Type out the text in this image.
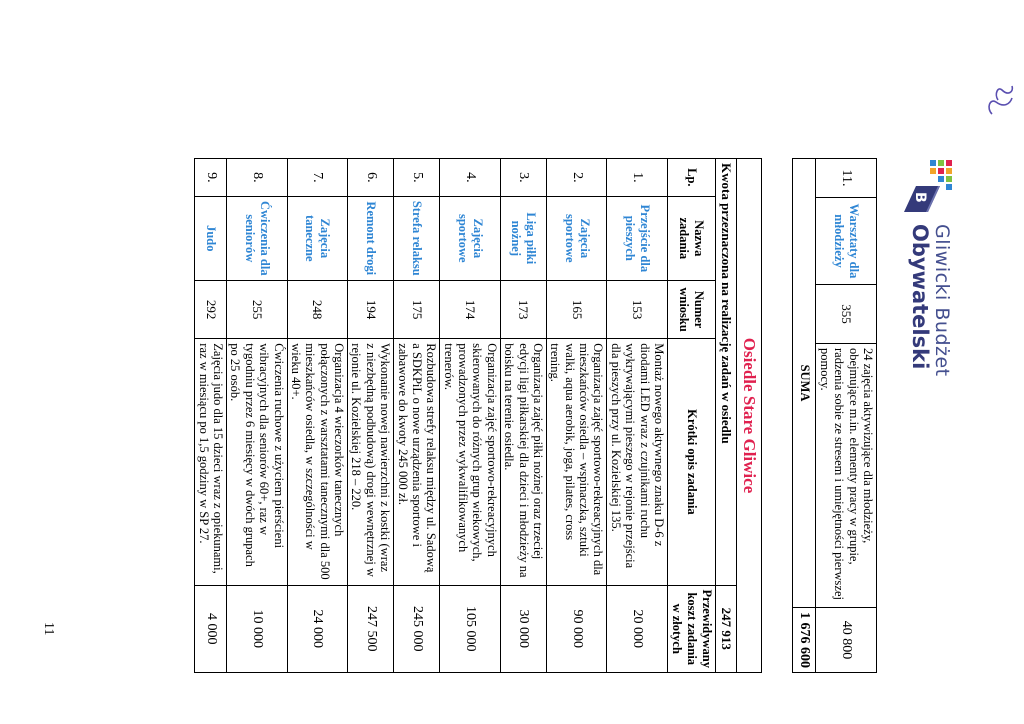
B
Gliwicki Budżet
Obywatelski
11.	Warsztaty dla młodzieży	355	24 zajęcia aktywizujące dla młodzieży, obejmujące m.in. elementy pracy w grupie, radzenia sobie ze stresem i umiejętności pierwszej pomocy.	40 800
SUMA				1 676 600
Osiedle Stare Gliwice				
Kwota przeznaczona na realizację zadań w osiedlu				247 913
Lp.	Nazwa zadania	Numer wniosku	Krótki opis zadania	Przewidywany koszt zadania w złotych
1.	Przejście dla pieszych	153	Montaż nowego aktywnego znaku D-6 z diodami LED wraz z czujnikami ruchu wykrywającymi pieszego w rejonie przejścia dla pieszych przy ul. Kozielskiej 135.	20 000
2.	Zajęcia sportowe	165	Organizacja zajęć sportowo-rekreacyjnych dla mieszkańców osiedla – wspinaczka, sztuki walki, aqua aerobik, joga, pilates, cross trening.	90 000
3.	Liga piłki nożnej	173	Organizacja zajęć piłki nożnej oraz trzeciej edycji ligi piłkarskiej dla dzieci i młodzieży na boisku na terenie osiedla.	30 000
4.	Zajęcia sportowe	174	Organizacja zajęć sportowo-rekreacyjnych skierowanych do różnych grup wiekowych, prowadzonych przez wykwalifikowanych trenerów.	105 000
5.	Strefa relaksu	175	Rozbudowa strefy relaksu między ul. Sadową a SDKPiL o nowe urządzenia sportowe i zabawowe do kwoty 245 000 zł.	245 000
6.	Remont drogi	194	Wykonanie nowej nawierzchni z kostki (wraz z niezbędną podbudową) drogi wewnętrznej w rejonie ul. Kozielskiej 218 – 220.	247 500
7.	Zajęcia taneczne	248	Organizacja 4 wieczorków tanecznych połączonych z warsztatami tanecznymi dla 500 mieszkańców osiedla, w szczególności w wieku 40+.	24 000
8.	Ćwiczenia dla seniorów	255	Ćwiczenia ruchowe z użyciem pierścieni wibracyjnych dla seniorów 60+, raz w tygodniu przez 6 miesięcy w dwóch grupach po 25 osób.	10 000
9.	Judo	292	Zajęcia judo dla 15 dzieci wraz z opiekunami, raz w miesiącu po 1,5 godziny w SP 27.	4 000
11
